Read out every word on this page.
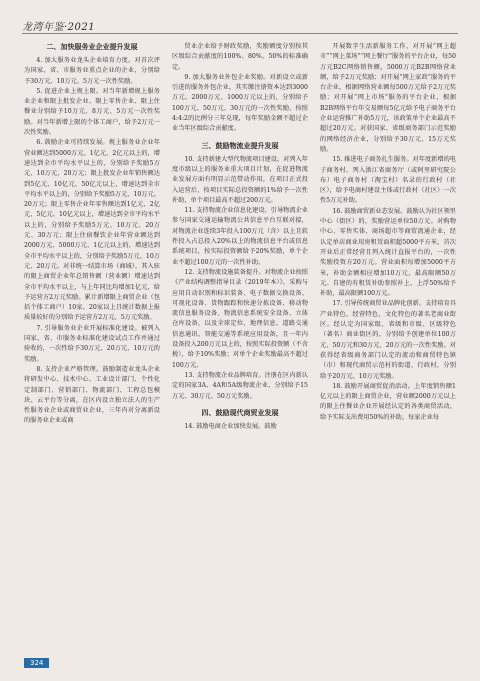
龙湾年鉴·2021
二、加快服务业企业提升发展

4. 加大服务业龙头企业培育力度。对首次评为国家、省、市服务业重点企业的企业，分别给予30万元、10万元、5万元一次性奖励。

5. 促进企业上规上限。对当年新增规上服务业企业和限上批发企业、限上零售企业、限上住餐业分别给予10万元、8万元、5万元一次性奖励。对当年新增上限的个体工商户，给予2万元一次性奖励。

6. 鼓励企业可持续发展。规上服务业企业年营业额达到5000万元、1亿元、2亿元以上的，增速达到全市平均水平以上的，分别给予奖励5万元、10万元、20万元；限上批发企业年销售额达到5亿元、10亿元、50亿元以上，增速达到全市平均水平以上的，分别给予奖励5万元、10万元、20万元；限上零售企业年零售额达到1亿元、2亿元、5亿元、10亿元以上，增速达到全市平均水平以上的，分别给予奖励5万元、10万元、20万元、30万元；限上住宿餐饮企业年营业额达到2000万元、5000万元、1亿元以上的，增速达到全市平均水平以上的，分别给予奖励5万元、10万元、20万元。对非统一结算市场（商城），其入驻的限上商贸企业年总销售额（营业额）增速达到全市平均水平以上，与上年同比均增加1亿元，给予运营方2万元奖励。累计新增限上商贸企业（包括个体工商户）10家、20家以上且统计数据上报质量较好的分别给予运营方2万元、5万元奖励。

7. 引导服务业企业开展标准化建设。被列入国家、省、市服务业标准化建设试点工作并通过验收的，一次性给予30万元、20万元、10万元的奖励。

8. 支持企业严格管理。鼓励制造业龙头企业将研发中心、技术中心、工业设计部门、个性化定制部门、营销部门、物流部门、工程总包模块、云平台等分离，在区内设立独立法人的生产性服务业企业或商贸业企业，三年内对分离新设的服务业企业或商

贸业企业给予财政奖励，奖励额度分别按其区级综合贡献度的100%、80%、50%的标准确定。

9. 加大服务业外包企业奖励。对新设立或新引进的服务外包企业，其实缴注册资本达到3000万元、2000万元、1000万元以上的，分别给予100万元、50万元、30万元的一次性奖励，按照4:4:2的比例分三年兑现，每年奖励金额不超过企业当年区级综合贡献度。

三、鼓励物流业提升发展

10. 支持新建大型代物流项目建设。对列入年度市级以上的服务业重大项目计划，在促进物流业发展方面有明显示范带动作用，在项目正式投入运营后，按项目实际总投资额的1%给予一次性补助，单个项目最高不超过200万元。

11. 支持物流企业信息化建设。引导物流企业参与国家交通运输物流公共信息平台互联对接，对物流企业连续3年投入100万元（含）以上且软件投入占总投入20%以上的物流信息平台或信息系统项目，按实际投资额给予20%奖励，单个企业不超过100万元的一次性补助。

12. 支持物流设施装备提升。对物流企业按照《产业结构调整指导目录（2019年本）》，采购与应用自动识别和标识装备、电子数据交换设备、可视化设备、货物跟踪和快速分拣设备、移动物流信息服务设备、物流信息系统安全设备、立体仓库设备，以及全球定位、地理信息、道路交通信息通讯、智能交通等系统应用设备，且一年内设备投入200万元以上的，按照实际投资额（不含税），给予10%奖励；对单个企业奖励最高不超过100万元。

13. 支持物流企业品牌培育。注册在区内新认定的国家3A、4A和5A级物流企业，分别给予15万元、30万元、50万元奖励。

四、鼓励现代商贸业发展

14. 鼓励电商企业加快发展。鼓励

开展数字生活新服务工作，对开展“网上超市”“网上菜场”“网上餐厅”服务的平台企业，每50万元B2C网络销售额，5000万元B2B网络营业额，给予2万元奖励；对开展“网上家政”服务的平台企业，根据网络营业额每500万元给予2万元奖励；对开展“网上市场”服务的平台企业，根据B2B网络平台年交易额每5亿元给予电子商务平台企业运营推广补助5万元，该政策单个企业最高不超过20万元。对获国家、省级商务部门示范奖励的网络经济企业，分别给予30万元、15万元奖励。

15. 推进电子商务扎生服务。对年度新增的电子商务村，列入浙江省商务厅（或阿里研究院公布）电子商务村（淘宝村）名录的行政村（社区），给予电商村建设主体或行政村（社区）一次性5万元补助。

16. 鼓励商贸新业态发展。鼓励认为社区领里中心（街区）的，奖励营运单位50万元。对购物中心、零售实体、商场超市等商贸流通企业，经认定单店商业用房租赁面积超5000平方米，首次开业后正常经营且列入统计直报平台的，一次性奖励投资方20万元。营业面积每增加5000平方米，补助金额相应增加10万元，最高限额50万元。自建的有租赁补助参照补上，上浮50%给予补助，最高限额100万元。

17. 引导传统商贸业品牌化创新。支持培育具产业特色、经营特色、文化特色的著名老商业街区。经认定为国家级、省级和市级、区级特色（著名）商业街区的，分别给予创建单位100万元、50万元和30万元、20万元的一次性奖励。对获得经省级商务部门认定的流动和商贸特色镇（市）和现代商贸示范村的街道、行政村，分别给予20万元、10万元奖励。

18. 鼓励开展商贸促消活动。上年度销售额1亿元以上的限上商贸企业，营业额2000万元以上的限上住餐业企业开展经认定的各类商贸活动，给予实际支出费用50%的补助，每家企业每

324
